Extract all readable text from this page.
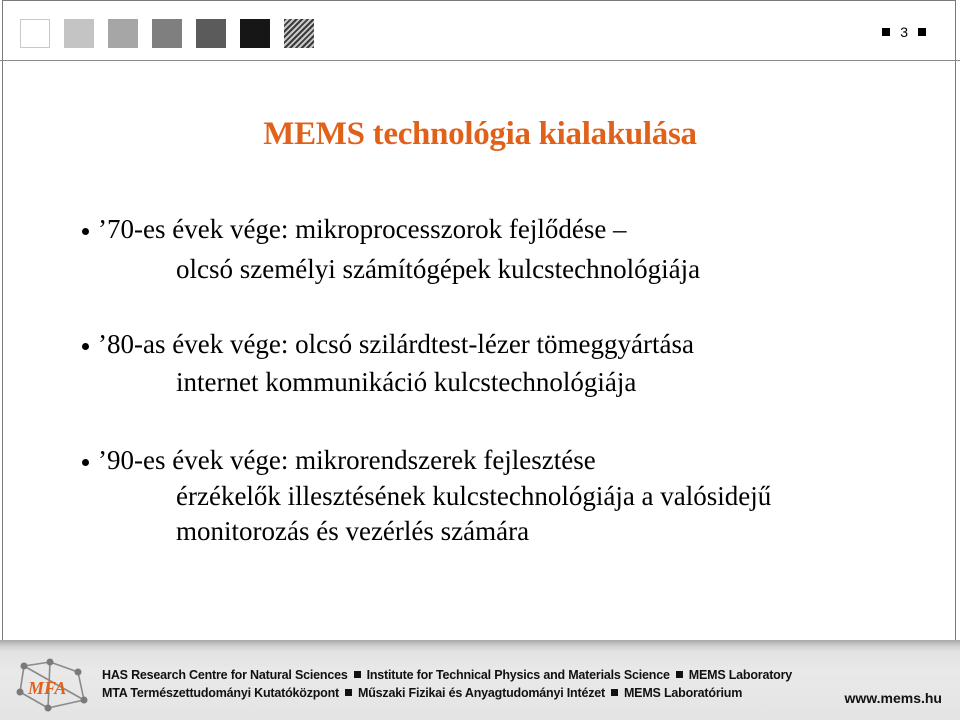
3
MEMS technológia kialakulása
’70-es évek vége: mikroprocesszorok fejlődése –
olcsó személyi számítógépek kulcstechnológiája
’80-as évek vége: olcsó szilárdtest-lézer tömeggyártása
internet kommunikáció kulcstechnológiája
’90-es évek vége: mikrorendszerek fejlesztése
érzékelők illesztésének kulcstechnológiája a valósidejű
monitorozás és vezérlés számára
MFA
HAS Research Centre for Natural Sciences Institute for Technical Physics and Materials Science MEMS Laboratory
MTA Természettudományi Kutatóközpont Műszaki Fizikai és Anyagtudományi Intézet MEMS Laboratórium	www.mems.hu
